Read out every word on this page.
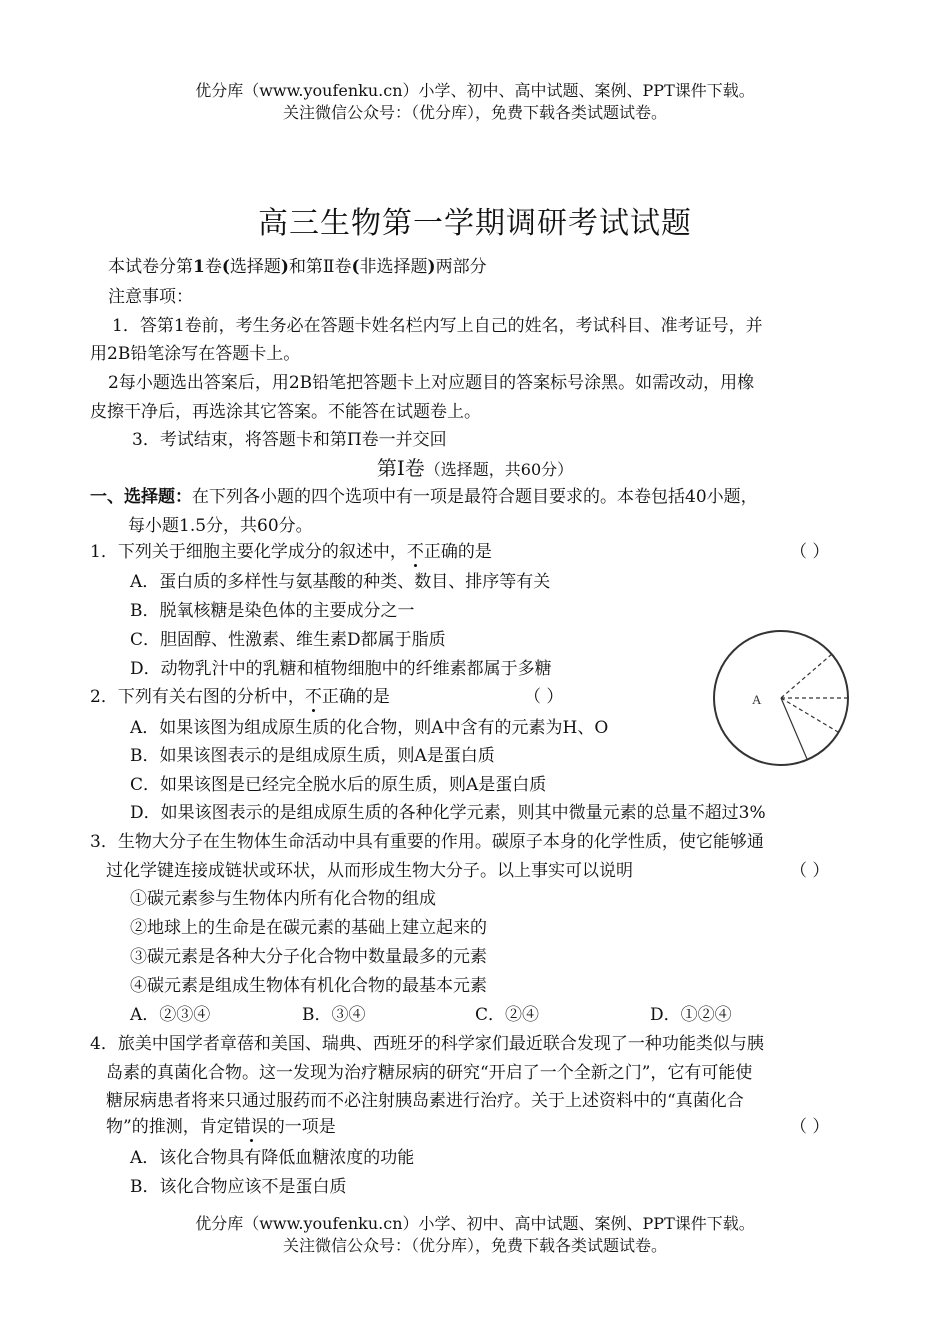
优分库（www.youfenku.cn）小学、初中、高中试题、案例、PPT课件下载。
关注微信公众号：（优分库），免费下载各类试题试卷。
高三生物第一学期调研考试试题
本试卷分第1卷(选择题)和第Ⅱ卷(非选择题)两部分
注意事项：
1．答第1卷前，考生务必在答题卡姓名栏内写上自己的姓名，考试科目、准考证号，并
用2B铅笔涂写在答题卡上。
2每小题选出答案后，用2B铅笔把答题卡上对应题目的答案标号涂黑。如需改动，用橡
皮擦干净后，再选涂其它答案。不能答在试题卷上。
3．考试结束，将答题卡和第Π卷一并交回
第Ⅰ卷（选择题，共60分）
一、选择题：在下列各小题的四个选项中有一项是最符合题目要求的。本卷包括40小题，
每小题1.5分，共60分。
1．下列关于细胞主要化学成分的叙述中，不正确的是	（ ）
A．蛋白质的多样性与氨基酸的种类、数目、排序等有关
B．脱氧核糖是染色体的主要成分之一
C．胆固醇、性激素、维生素D都属于脂质
D．动物乳汁中的乳糖和植物细胞中的纤维素都属于多糖
A
2．下列有关右图的分析中，不正确的是	（ ）
A．如果该图为组成原生质的化合物，则A中含有的元素为H、O
B．如果该图表示的是组成原生质，则A是蛋白质
C．如果该图是已经完全脱水后的原生质，则A是蛋白质
D．如果该图表示的是组成原生质的各种化学元素，则其中微量元素的总量不超过3%
3．生物大分子在生物体生命活动中具有重要的作用。碳原子本身的化学性质，使它能够通
过化学键连接成链状或环状，从而形成生物大分子。以上事实可以说明	（ ）
①碳元素参与生物体内所有化合物的组成
②地球上的生命是在碳元素的基础上建立起来的
③碳元素是各种大分子化合物中数量最多的元素
④碳元素是组成生物体有机化合物的最基本元素
A．②③④	B．③④	C．②④	D．①②④
4．旅美中国学者章蓓和美国、瑞典、西班牙的科学家们最近联合发现了一种功能类似与胰
岛素的真菌化合物。这一发现为治疗糖尿病的研究“开启了一个全新之门”，它有可能使
糖尿病患者将来只通过服药而不必注射胰岛素进行治疗。关于上述资料中的“真菌化合
物”的推测，肯定错误的一项是	（ ）
A．该化合物具有降低血糖浓度的功能
B．该化合物应该不是蛋白质
优分库（www.youfenku.cn）小学、初中、高中试题、案例、PPT课件下载。
关注微信公众号：（优分库），免费下载各类试题试卷。
